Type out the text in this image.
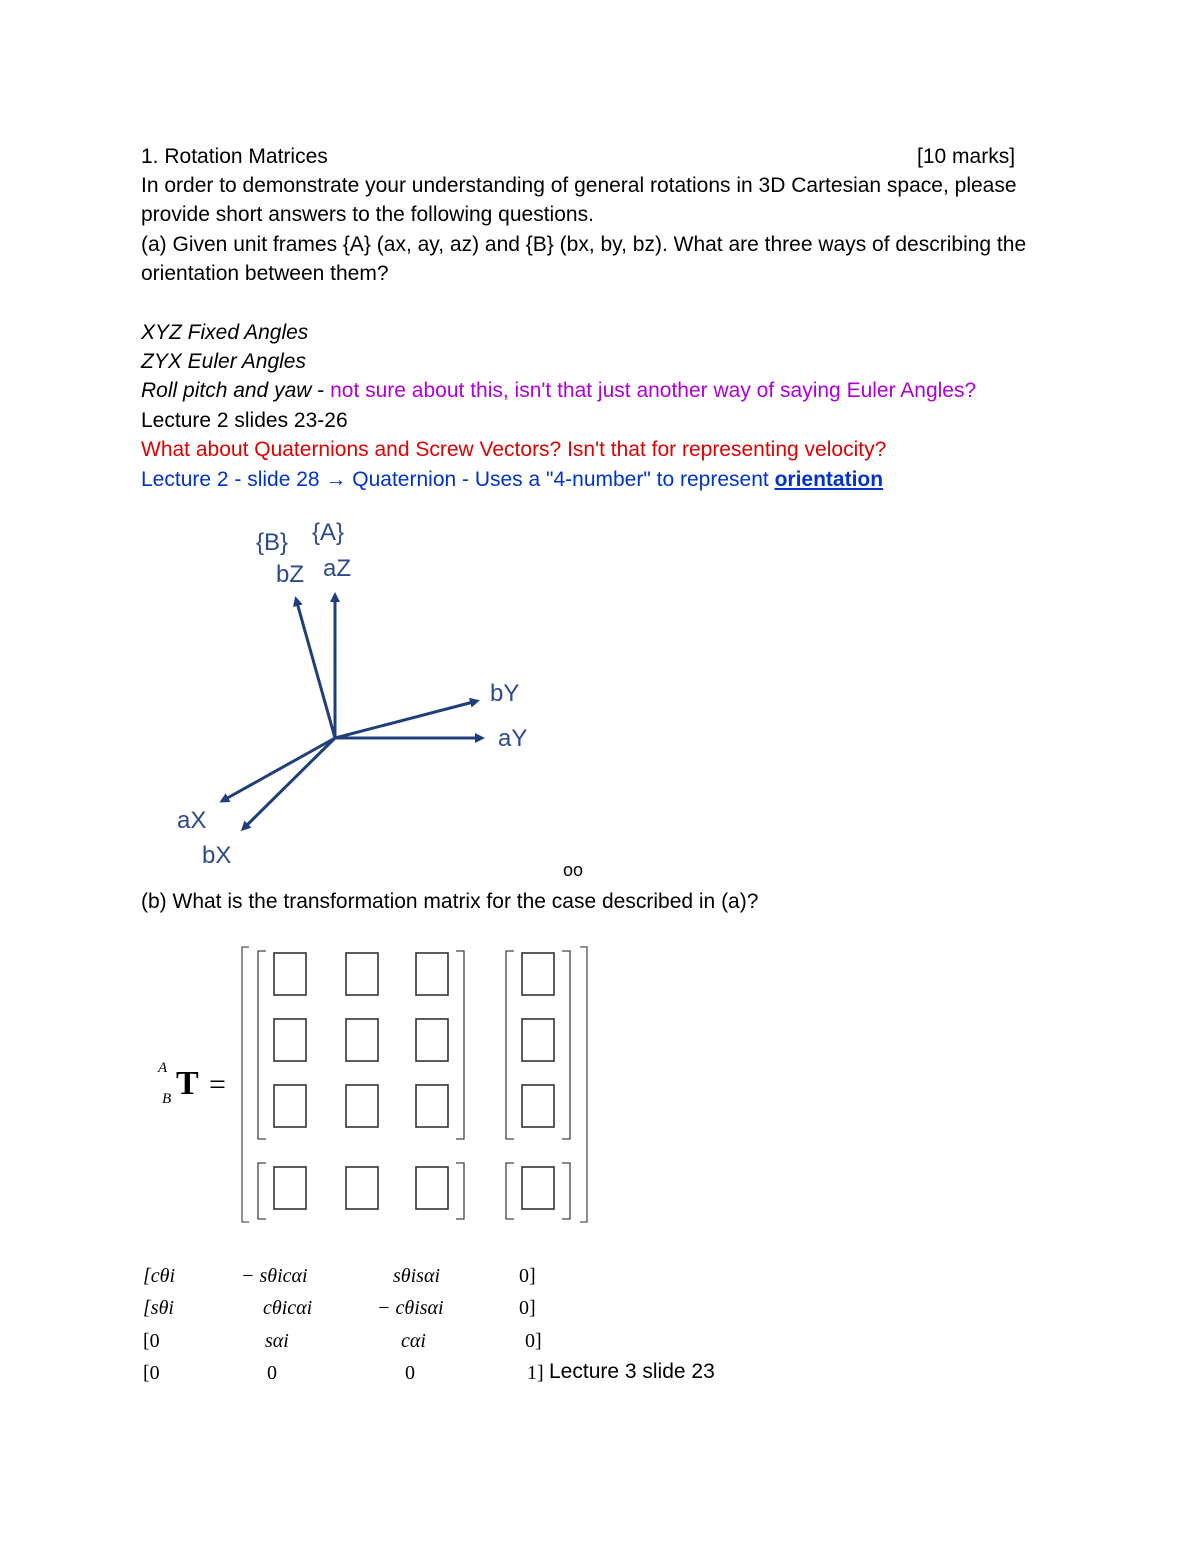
1. Rotation Matrices	[10 marks]
In order to demonstrate your understanding of general rotations in 3D Cartesian space, please
provide short answers to the following questions.
(a) Given unit frames {A} (ax, ay, az) and {B} (bx, by, bz). What are three ways of describing the
orientation between them?
XYZ Fixed Angles
ZYX Euler Angles
Roll pitch and yaw - not sure about this, isn't that just another way of saying Euler Angles?
Lecture 2 slides 23-26
What about Quaternions and Screw Vectors? Isn't that for representing velocity?
Lecture 2 - slide 28 → Quaternion - Uses a "4-number" to represent orientation
{B} {A}
bZ aZ
bY
aY
aX
bX
oo
(b) What is the transformation matrix for the case described in (a)?
A
B T =
[cθi	− sθicαi	sθisαi	0]
[sθi	cθicαi	− cθisαi	0]
[0	sαi	cαi	0]
[0	0	0	1] Lecture 3 slide 23
